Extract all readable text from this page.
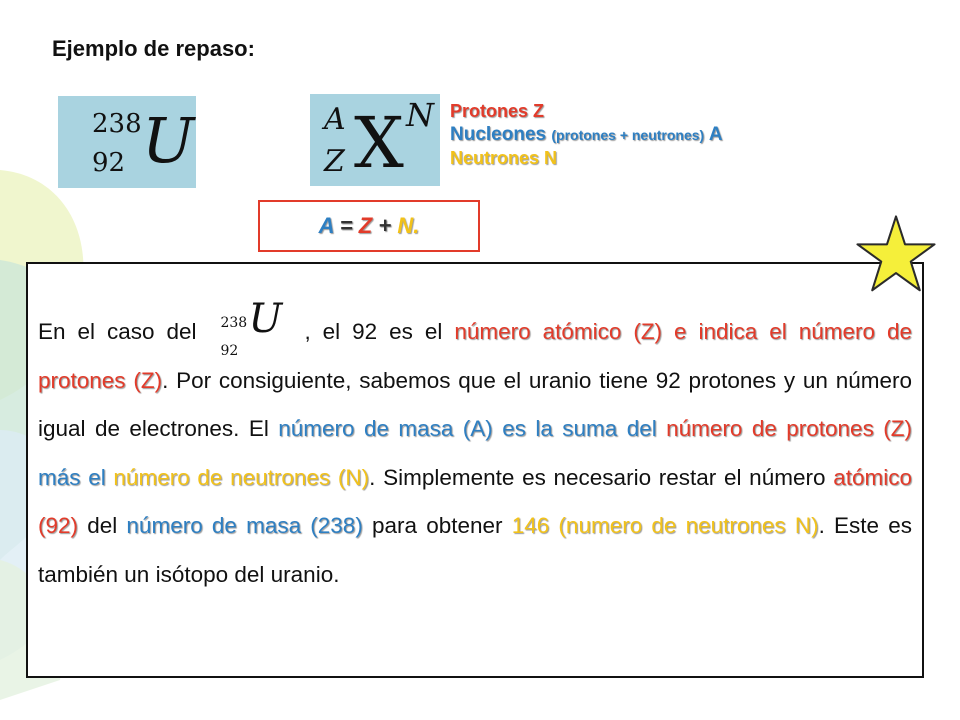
Ejemplo de repaso:
238
92 U	A
Z X N Protones Z
Nucleones (protones + neutrones) A
Neutrones N
A = Z + N.
En el caso del 238
92
U , el 92 es el número atómico (Z) e indica el número de protones (Z). Por consiguiente, sabemos que el uranio tiene 92 protones y un número igual de electrones. El número de masa (A) es la suma del número de protones (Z) más el número de neutrones (N). Simplemente es necesario restar el número atómico (92) del número de masa (238) para obtener 146 (numero de neutrones N). Este es también un isótopo del uranio.
